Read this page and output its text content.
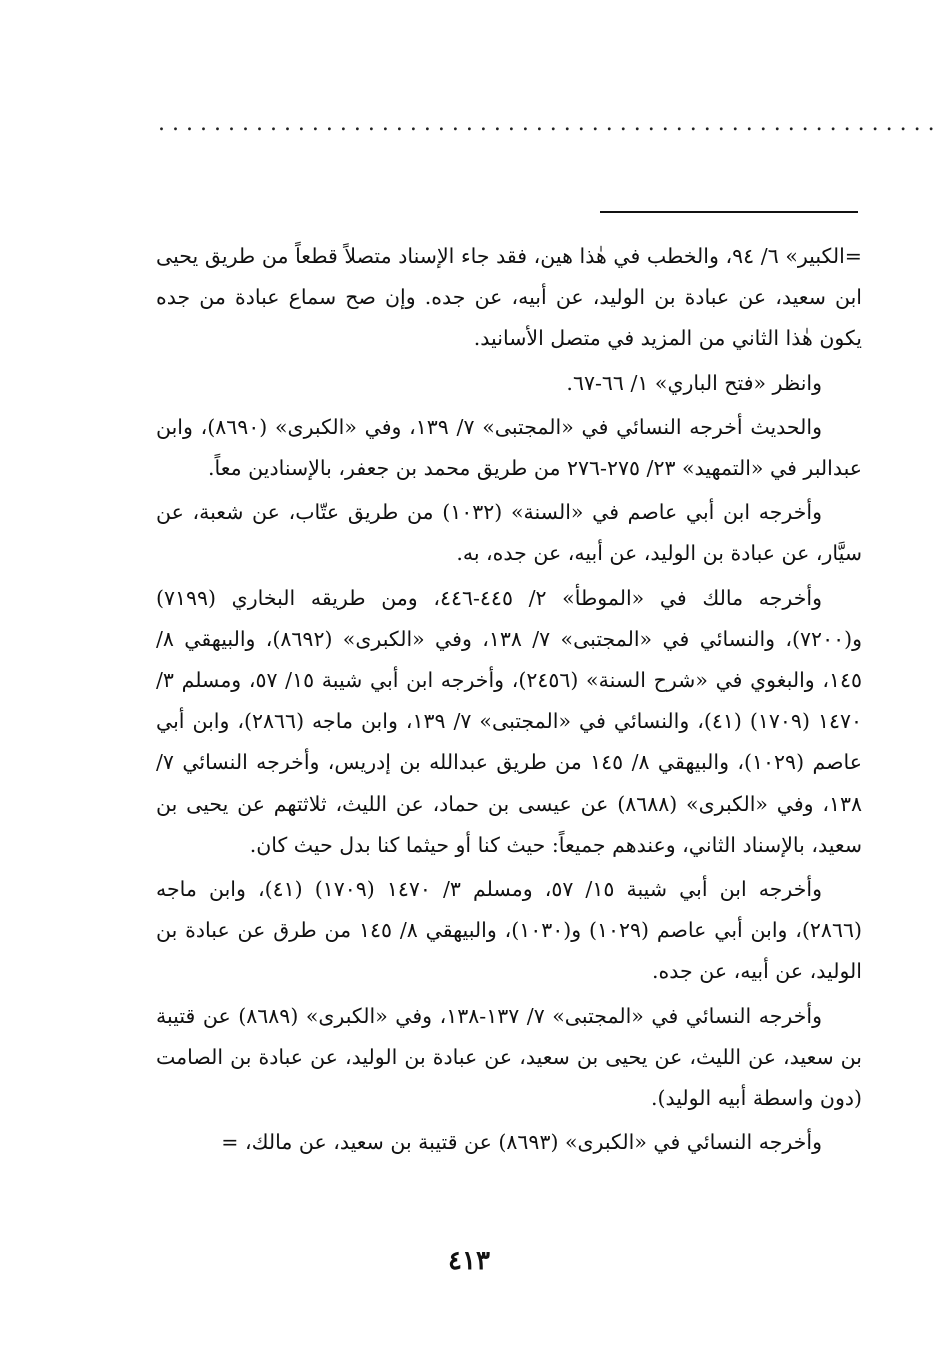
........................................................

=الكبير» ٦/ ٩٤، والخطب في هٰذا هين، فقد جاء الإسناد متصلاً قطعاً من طريق يحيى ابن سعيد، عن عبادة بن الوليد، عن أبيه، عن جده. وإن صح سماع عبادة من جده يكون هٰذا الثاني من المزيد في متصل الأسانيد.

وانظر «فتح الباري» ١/ ٦٦-٦٧.

والحديث أخرجه النسائي في «المجتبى» ٧/ ١٣٩، وفي «الكبرى» (٨٦٩٠)، وابن عبدالبر في «التمهيد» ٢٣/ ٢٧٥-٢٧٦ من طريق محمد بن جعفر، بالإسنادين معاً.

وأخرجه ابن أبي عاصم في «السنة» (١٠٣٢) من طريق عتّاب، عن شعبة، عن سيَّار، عن عبادة بن الوليد، عن أبيه، عن جده، به.

وأخرجه مالك في «الموطأ» ٢/ ٤٤٥-٤٤٦، ومن طريقه البخاري (٧١٩٩) و(٧٢٠٠)، والنسائي في «المجتبى» ٧/ ١٣٨، وفي «الكبرى» (٨٦٩٢)، والبيهقي ٨/ ١٤٥، والبغوي في «شرح السنة» (٢٤٥٦)، وأخرجه ابن أبي شيبة ١٥/ ٥٧، ومسلم ٣/ ١٤٧٠ (١٧٠٩) (٤١)، والنسائي في «المجتبى» ٧/ ١٣٩، وابن ماجه (٢٨٦٦)، وابن أبي عاصم (١٠٢٩)، والبيهقي ٨/ ١٤٥ من طريق عبدالله بن إدريس، وأخرجه النسائي ٧/ ١٣٨، وفي «الكبرى» (٨٦٨٨) عن عيسى بن حماد، عن الليث، ثلاثتهم عن يحيى بن سعيد، بالإسناد الثاني، وعندهم جميعاً: حيث كنا أو حيثما كنا بدل حيث كان.

وأخرجه ابن أبي شيبة ١٥/ ٥٧، ومسلم ٣/ ١٤٧٠ (١٧٠٩) (٤١)، وابن ماجه (٢٨٦٦)، وابن أبي عاصم (١٠٢٩) و(١٠٣٠)، والبيهقي ٨/ ١٤٥ من طرق عن عبادة بن الوليد، عن أبيه، عن جده.

وأخرجه النسائي في «المجتبى» ٧/ ١٣٧-١٣٨، وفي «الكبرى» (٨٦٨٩) عن قتيبة بن سعيد، عن الليث، عن يحيى بن سعيد، عن عبادة بن الوليد، عن عبادة بن الصامت (دون واسطة أبيه الوليد).

وأخرجه النسائي في «الكبرى» (٨٦٩٣) عن قتيبة بن سعيد، عن مالك، =

٤١٣
